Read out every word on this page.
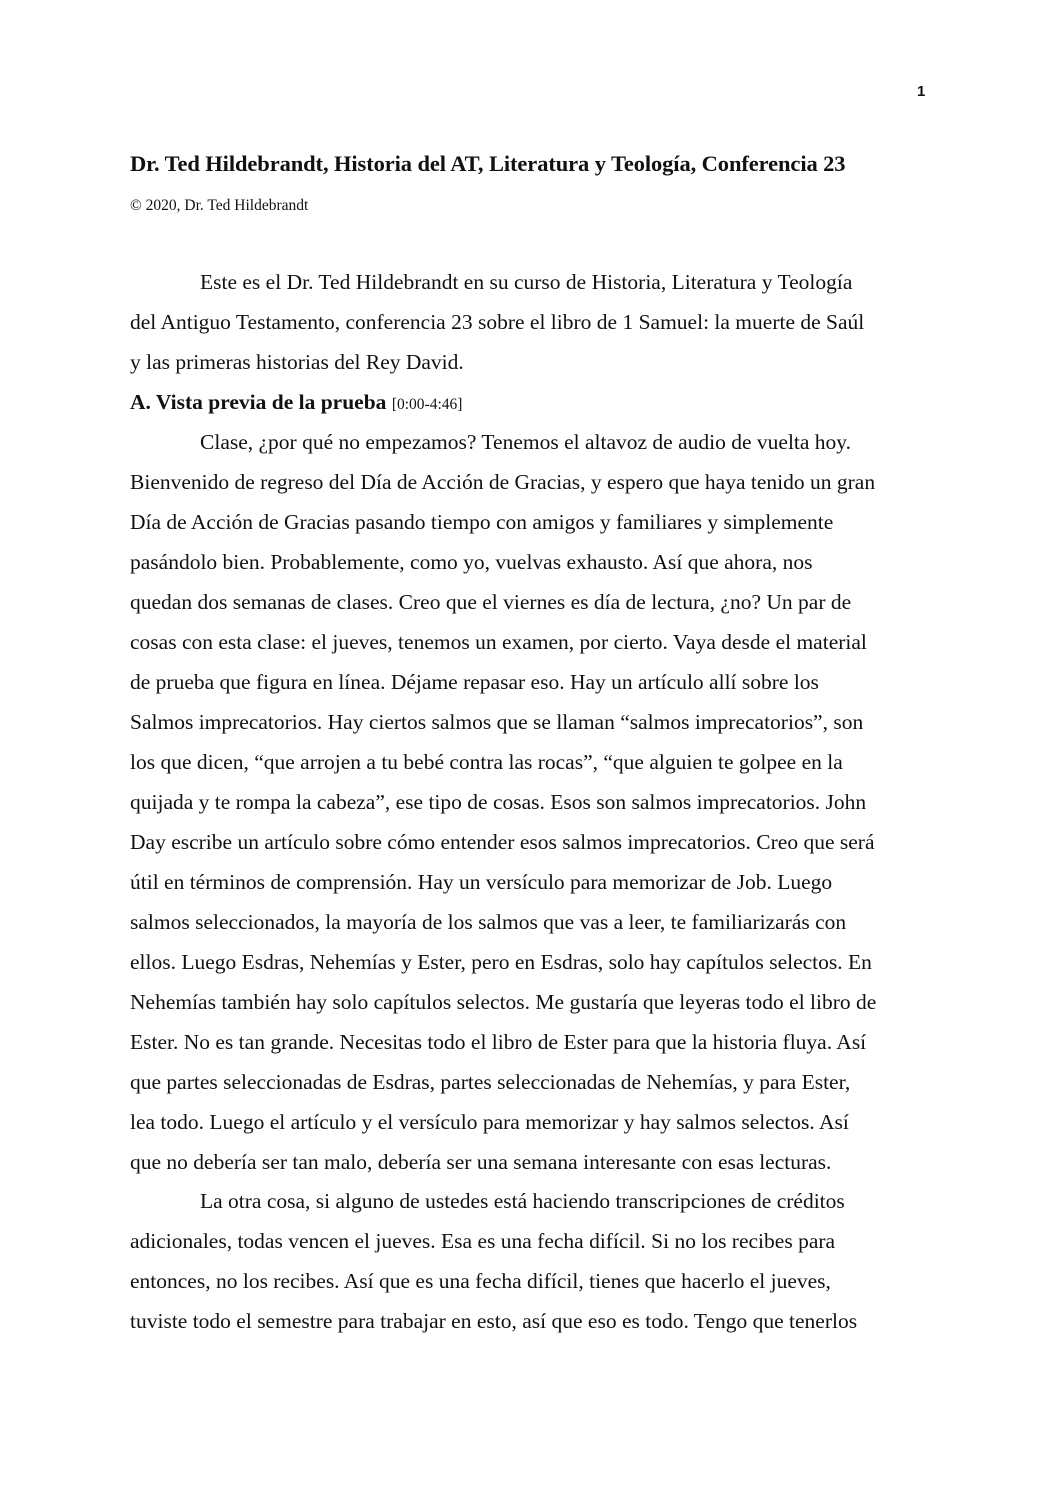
1
Dr. Ted Hildebrandt, Historia del AT, Literatura y Teología, Conferencia 23
© 2020, Dr. Ted Hildebrandt
Este es el Dr. Ted Hildebrandt en su curso de Historia, Literatura y Teología
del Antiguo Testamento, conferencia 23 sobre el libro de 1 Samuel: la muerte de Saúl
y las primeras historias del Rey David.
A. Vista previa de la prueba [0:00-4:46]
Clase, ¿por qué no empezamos? Tenemos el altavoz de audio de vuelta hoy.
Bienvenido de regreso del Día de Acción de Gracias, y espero que haya tenido un gran
Día de Acción de Gracias pasando tiempo con amigos y familiares y simplemente
pasándolo bien. Probablemente, como yo, vuelvas exhausto. Así que ahora, nos
quedan dos semanas de clases. Creo que el viernes es día de lectura, ¿no? Un par de
cosas con esta clase: el jueves, tenemos un examen, por cierto. Vaya desde el material
de prueba que figura en línea. Déjame repasar eso. Hay un artículo allí sobre los
Salmos imprecatorios. Hay ciertos salmos que se llaman “salmos imprecatorios”, son
los que dicen, “que arrojen a tu bebé contra las rocas”, “que alguien te golpee en la
quijada y te rompa la cabeza”, ese tipo de cosas. Esos son salmos imprecatorios. John
Day escribe un artículo sobre cómo entender esos salmos imprecatorios. Creo que será
útil en términos de comprensión. Hay un versículo para memorizar de Job. Luego
salmos seleccionados, la mayoría de los salmos que vas a leer, te familiarizarás con
ellos. Luego Esdras, Nehemías y Ester, pero en Esdras, solo hay capítulos selectos. En
Nehemías también hay solo capítulos selectos. Me gustaría que leyeras todo el libro de
Ester. No es tan grande. Necesitas todo el libro de Ester para que la historia fluya. Así
que partes seleccionadas de Esdras, partes seleccionadas de Nehemías, y para Ester,
lea todo. Luego el artículo y el versículo para memorizar y hay salmos selectos. Así
que no debería ser tan malo, debería ser una semana interesante con esas lecturas.
La otra cosa, si alguno de ustedes está haciendo transcripciones de créditos
adicionales, todas vencen el jueves. Esa es una fecha difícil. Si no los recibes para
entonces, no los recibes. Así que es una fecha difícil, tienes que hacerlo el jueves,
tuviste todo el semestre para trabajar en esto, así que eso es todo. Tengo que tenerlos
